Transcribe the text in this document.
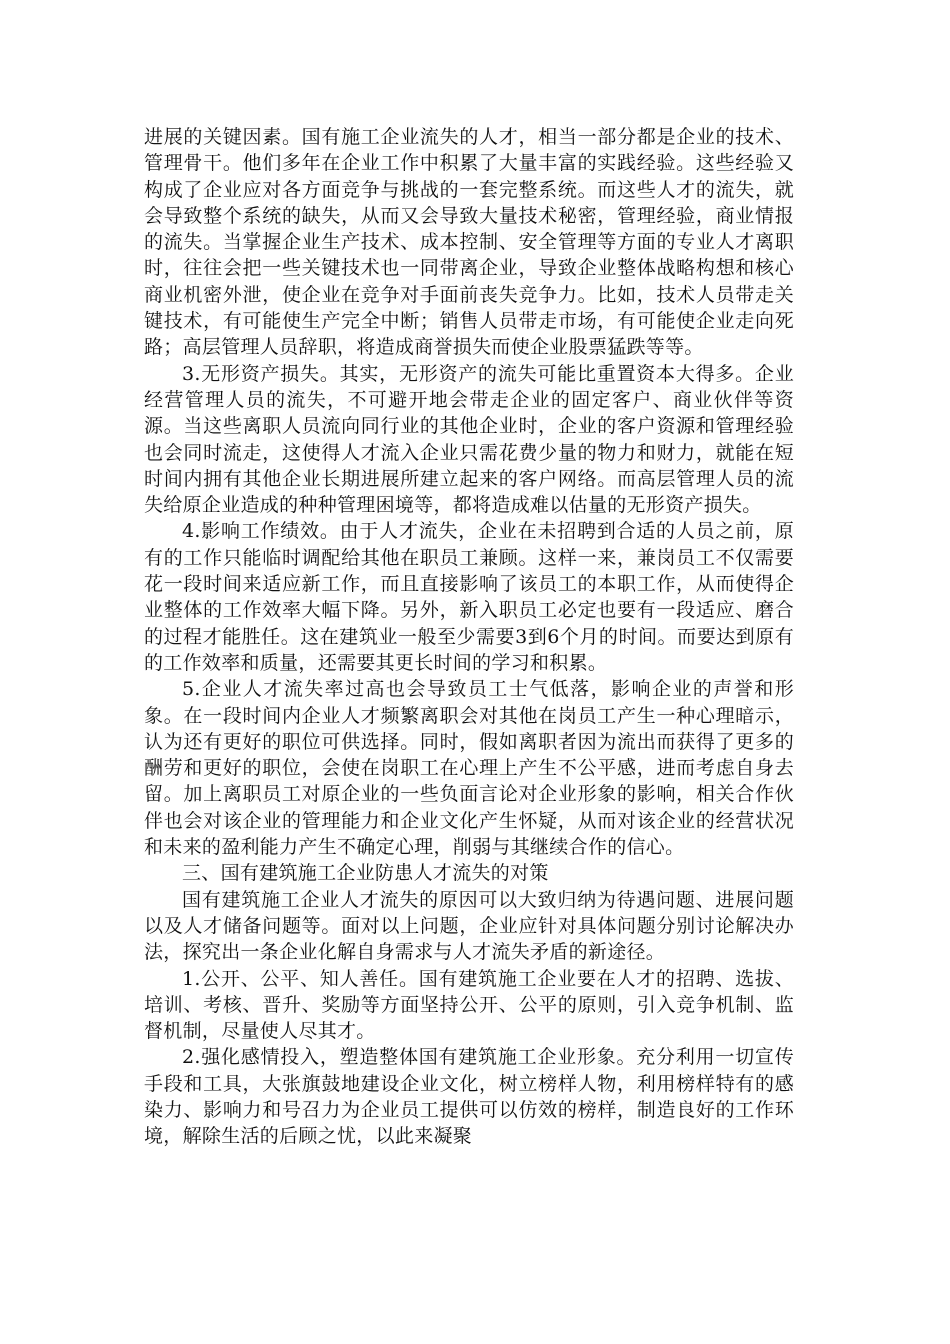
进展的关键因素。国有施工企业流失的人才，相当一部分都是企业的技术、管理骨干。他们多年在企业工作中积累了大量丰富的实践经验。这些经验又构成了企业应对各方面竞争与挑战的一套完整系统。而这些人才的流失，就会导致整个系统的缺失，从而又会导致大量技术秘密，管理经验，商业情报的流失。当掌握企业生产技术、成本控制、安全管理等方面的专业人才离职时，往往会把一些关键技术也一同带离企业，导致企业整体战略构想和核心商业机密外泄，使企业在竞争对手面前丧失竞争力。比如，技术人员带走关键技术，有可能使生产完全中断；销售人员带走市场，有可能使企业走向死路；高层管理人员辞职，将造成商誉损失而使企业股票猛跌等等。

3.无形资产损失。其实，无形资产的流失可能比重置资本大得多。企业经营管理人员的流失，不可避开地会带走企业的固定客户、商业伙伴等资源。当这些离职人员流向同行业的其他企业时，企业的客户资源和管理经验也会同时流走，这使得人才流入企业只需花费少量的物力和财力，就能在短时间内拥有其他企业长期进展所建立起来的客户网络。而高层管理人员的流失给原企业造成的种种管理困境等，都将造成难以估量的无形资产损失。

4.影响工作绩效。由于人才流失，企业在未招聘到合适的人员之前，原有的工作只能临时调配给其他在职员工兼顾。这样一来，兼岗员工不仅需要花一段时间来适应新工作，而且直接影响了该员工的本职工作，从而使得企业整体的工作效率大幅下降。另外，新入职员工必定也要有一段适应、磨合的过程才能胜任。这在建筑业一般至少需要3到6个月的时间。而要达到原有的工作效率和质量，还需要其更长时间的学习和积累。

5.企业人才流失率过高也会导致员工士气低落，影响企业的声誉和形象。在一段时间内企业人才频繁离职会对其他在岗员工产生一种心理暗示，认为还有更好的职位可供选择。同时，假如离职者因为流出而获得了更多的酬劳和更好的职位，会使在岗职工在心理上产生不公平感，进而考虑自身去留。加上离职员工对原企业的一些负面言论对企业形象的影响，相关合作伙伴也会对该企业的管理能力和企业文化产生怀疑，从而对该企业的经营状况和未来的盈利能力产生不确定心理，削弱与其继续合作的信心。

三、国有建筑施工企业防患人才流失的对策

国有建筑施工企业人才流失的原因可以大致归纳为待遇问题、进展问题以及人才储备问题等。面对以上问题，企业应针对具体问题分别讨论解决办法，探究出一条企业化解自身需求与人才流失矛盾的新途径。

1.公开、公平、知人善任。国有建筑施工企业要在人才的招聘、选拔、培训、考核、晋升、奖励等方面坚持公开、公平的原则，引入竞争机制、监督机制，尽量使人尽其才。

2.强化感情投入，塑造整体国有建筑施工企业形象。充分利用一切宣传手段和工具，大张旗鼓地建设企业文化，树立榜样人物，利用榜样特有的感染力、影响力和号召力为企业员工提供可以仿效的榜样，制造良好的工作环境，解除生活的后顾之忧，以此来凝聚
